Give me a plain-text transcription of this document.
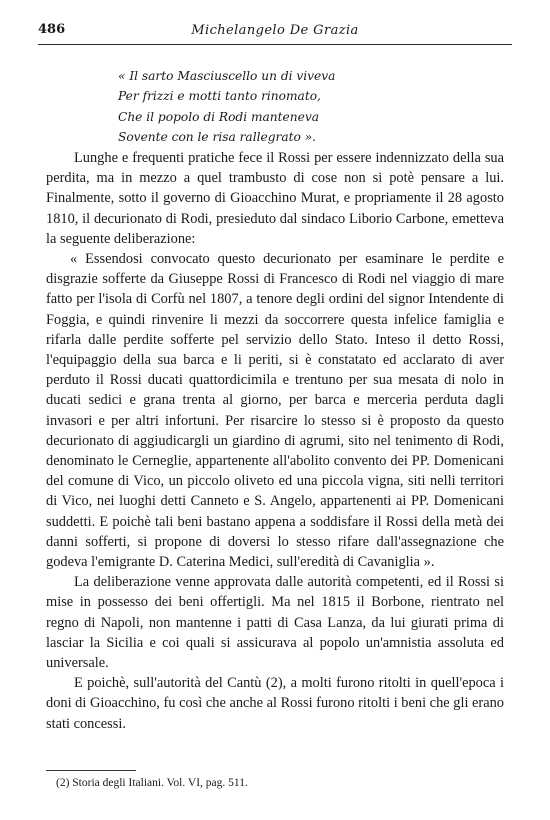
486	Michelangelo De Grazia
« Il sarto Masciuscello un di viveva
Per frizzi e motti tanto rinomato,
Che il popolo di Rodi manteneva
Sovente con le risa rallegrato ».

Lunghe e frequenti pratiche fece il Rossi per essere indennizzato della sua perdita, ma in mezzo a quel trambusto di cose non si potè pensare a lui. Finalmente, sotto il governo di Gioacchino Murat, e propriamente il 28 agosto 1810, il decurionato di Rodi, presieduto dal sindaco Liborio Carbone, emetteva la seguente deliberazione:

« Essendosi convocato questo decurionato per esaminare le perdite e disgrazie sofferte da Giuseppe Rossi di Francesco di Rodi nel viaggio di mare fatto per l'isola di Corfù nel 1807, a tenore degli ordini del signor Intendente di Foggia, e quindi rinvenire li mezzi da soccorrere questa infelice famiglia e rifarla dalle perdite sofferte pel servizio dello Stato. Inteso il detto Rossi, l'equipaggio della sua barca e li periti, si è constatato ed acclarato di aver perduto il Rossi ducati quattordicimila e trentuno per sua mesata di nolo in ducati sedici e grana trenta al giorno, per barca e merceria perduta dagli invasori e per altri infortuni. Per risarcire lo stesso si è proposto da questo decurionato di aggiudicargli un giardino di agrumi, sito nel tenimento di Rodi, denominato le Cerneglie, appartenente all'abolito convento dei PP. Domenicani del comune di Vico, un piccolo oliveto ed una piccola vigna, siti nelli territori di Vico, nei luoghi detti Canneto e S. Angelo, appartenenti ai PP. Domenicani suddetti. E poichè tali beni bastano appena a soddisfare il Rossi della metà dei danni sofferti, si propone di doversi lo stesso rifare dall'assegnazione che godeva l'emigrante D. Caterina Medici, sull'eredità di Cavaniglia ».

La deliberazione venne approvata dalle autorità competenti, ed il Rossi si mise in possesso dei beni offertigli. Ma nel 1815 il Borbone, rientrato nel regno di Napoli, non mantenne i patti di Casa Lanza, da lui giurati prima di lasciar la Sicilia e coi quali si assicurava al popolo un'amnistia assoluta ed universale.

E poichè, sull'autorità del Cantù (2), a molti furono ritolti in quell'epoca i doni di Gioacchino, fu così che anche al Rossi furono ritolti i beni che gli erano stati concessi.

(2) Storia degli Italiani. Vol. VI, pag. 511.
